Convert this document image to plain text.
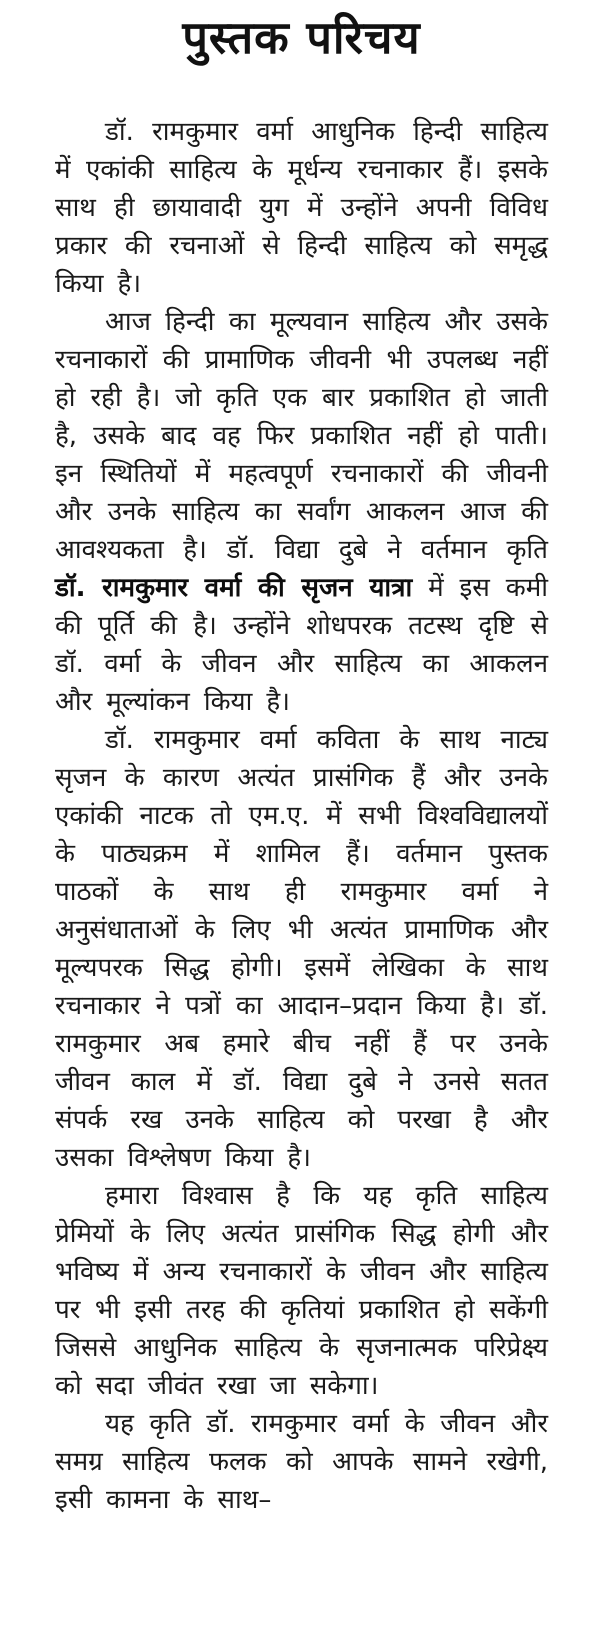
पुस्तक परिचय

डॉ. रामकुमार वर्मा आधुनिक हिन्दी साहित्य में एकांकी साहित्य के मूर्धन्य रचनाकार हैं। इसके साथ ही छायावादी युग में उन्होंने अपनी विविध प्रकार की रचनाओं से हिन्दी साहित्य को समृद्ध किया है।

आज हिन्दी का मूल्यवान साहित्य और उसके रचनाकारों की प्रामाणिक जीवनी भी उपलब्ध नहीं हो रही है। जो कृति एक बार प्रकाशित हो जाती है, उसके बाद वह फिर प्रकाशित नहीं हो पाती। इन स्थितियों में महत्वपूर्ण रचनाकारों की जीवनी और उनके साहित्य का सर्वांग आकलन आज की आवश्यकता है। डॉ. विद्या दुबे ने वर्तमान कृति डॉ. रामकुमार वर्मा की सृजन यात्रा में इस कमी की पूर्ति की है। उन्होंने शोधपरक तटस्थ दृष्टि से डॉ. वर्मा के जीवन और साहित्य का आकलन और मूल्यांकन किया है।

डॉ. रामकुमार वर्मा कविता के साथ नाट्य सृजन के कारण अत्यंत प्रासंगिक हैं और उनके एकांकी नाटक तो एम.ए. में सभी विश्वविद्यालयों के पाठ्यक्रम में शामिल हैं। वर्तमान पुस्तक पाठकों के साथ ही रामकुमार वर्मा ने अनुसंधाताओं के लिए भी अत्यंत प्रामाणिक और मूल्यपरक सिद्ध होगी। इसमें लेखिका के साथ रचनाकार ने पत्रों का आदान–प्रदान किया है। डॉ. रामकुमार अब हमारे बीच नहीं हैं पर उनके जीवन काल में डॉ. विद्या दुबे ने उनसे सतत संपर्क रख उनके साहित्य को परखा है और उसका विश्लेषण किया है।

हमारा विश्वास है कि यह कृति साहित्य प्रेमियों के लिए अत्यंत प्रासंगिक सिद्ध होगी और भविष्य में अन्य रचनाकारों के जीवन और साहित्य पर भी इसी तरह की कृतियां प्रकाशित हो सकेंगी जिससे आधुनिक साहित्य के सृजनात्मक परिप्रेक्ष्य को सदा जीवंत रखा जा सकेगा।

यह कृति डॉ. रामकुमार वर्मा के जीवन और समग्र साहित्य फलक को आपके सामने रखेगी, इसी कामना के साथ–
